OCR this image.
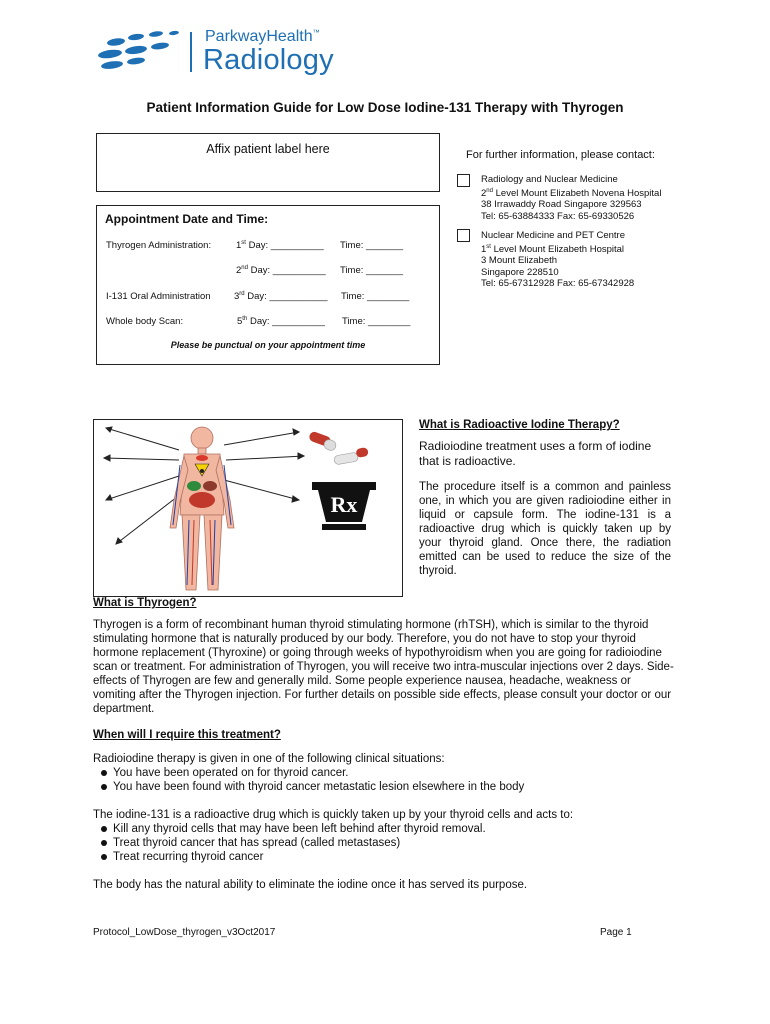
ParkwayHealth™
Radiology
Patient Information Guide for Low Dose Iodine-131 Therapy with Thyrogen
Affix patient label here
Appointment Date and Time:
Thyrogen Administration:	1st Day: __________ Time: _______
2nd Day: __________ Time: _______
I-131 Oral Administration 3rd Day: ___________ Time: ________
Whole body Scan:	5th Day: __________ Time: ________
Please be punctual on your appointment time
For further information, please contact:
Radiology and Nuclear Medicine
2nd Level Mount Elizabeth Novena Hospital
38 Irrawaddy Road Singapore 329563
Tel: 65-63884333 Fax: 65-69330526
Nuclear Medicine and PET Centre
1st Level Mount Elizabeth Hospital
3 Mount Elizabeth
Singapore 228510
Tel: 65-67312928 Fax: 65-67342928
Rx
What is Radioactive Iodine Therapy?
Radioiodine treatment uses a form of iodine that is radioactive.
The procedure itself is a common and painless one, in which you are given radioiodine either in liquid or capsule form. The iodine-131 is a radioactive drug which is quickly taken up by your thyroid gland. Once there, the radiation emitted can be used to reduce the size of the thyroid.
What is Thyrogen?
Thyrogen is a form of recombinant human thyroid stimulating hormone (rhTSH), which is similar to the thyroid stimulating hormone that is naturally produced by our body. Therefore, you do not have to stop your thyroid hormone replacement (Thyroxine) or going through weeks of hypothyroidism when you are going for radioiodine scan or treatment. For administration of Thyrogen, you will receive two intra-muscular injections over 2 days. Side-effects of Thyrogen are few and generally mild. Some people experience nausea, headache, weakness or vomiting after the Thyrogen injection. For further details on possible side effects, please consult your doctor or our department.
When will I require this treatment?
Radioiodine therapy is given in one of the following clinical situations:
You have been operated on for thyroid cancer.
You have been found with thyroid cancer metastatic lesion elsewhere in the body
The iodine-131 is a radioactive drug which is quickly taken up by your thyroid cells and acts to:
Kill any thyroid cells that may have been left behind after thyroid removal.
Treat thyroid cancer that has spread (called metastases)
Treat recurring thyroid cancer
The body has the natural ability to eliminate the iodine once it has served its purpose.
Protocol_LowDose_thyrogen_v3Oct2017	Page 1
